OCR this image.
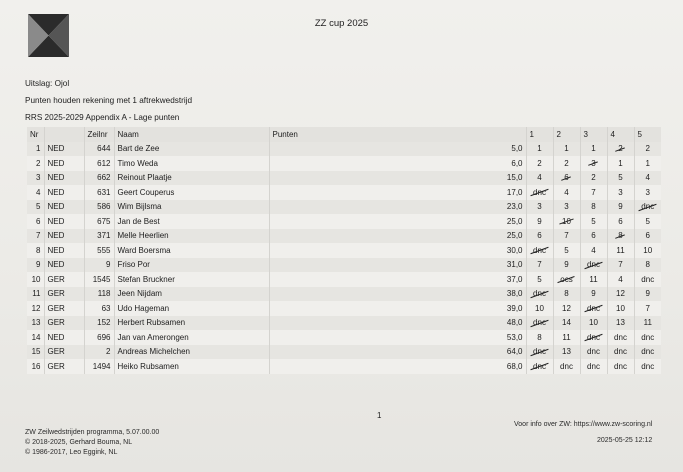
ZZ cup 2025
Uitslag: Ojol
Punten houden rekening met 1 aftrekwedstrijd
RRS 2025-2029 Appendix A - Lage punten
Nr		Zeilnr	Naam	Punten	1	2	3	4	5
1	NED	644	Bart de Zee	5,0	1	1	1	2	2
2	NED	612	Timo Weda	6,0	2	2	3	1	1
3	NED	662	Reinout Plaatje	15,0	4	6	2	5	4
4	NED	631	Geert Couperus	17,0	dnc	4	7	3	3
5	NED	586	Wim Bijlsma	23,0	3	3	8	9	dnc
6	NED	675	Jan de Best	25,0	9	10	5	6	5
7	NED	371	Melle Heerlien	25,0	6	7	6	8	6
8	NED	555	Ward Boersma	30,0	dnc	5	4	11	10
9	NED	9	Friso Por	31,0	7	9	dnc	7	8
10	GER	1545	Stefan Bruckner	37,0	5	ocs	11	4	dnc
11	GER	118	Jeen Nijdam	38,0	dnc	8	9	12	9
12	GER	63	Udo Hageman	39,0	10	12	dnc	10	7
13	GER	152	Herbert Rubsamen	48,0	dnc	14	10	13	11
14	NED	696	Jan van Amerongen	53,0	8	11	dnc	dnc	dnc
15	GER	2	Andreas Michelchen	64,0	dnc	13	dnc	dnc	dnc
16	GER	1494	Heiko Rubsamen	68,0	dnc	dnc	dnc	dnc	dnc
1
ZW Zeilwedstrijden programma, 5.07.00.00
© 2018-2025, Gerhard Bouma, NL
© 1986-2017, Leo Eggink, NL
Voor info over ZW: https://www.zw-scoring.nl
2025-05-25 12:12
